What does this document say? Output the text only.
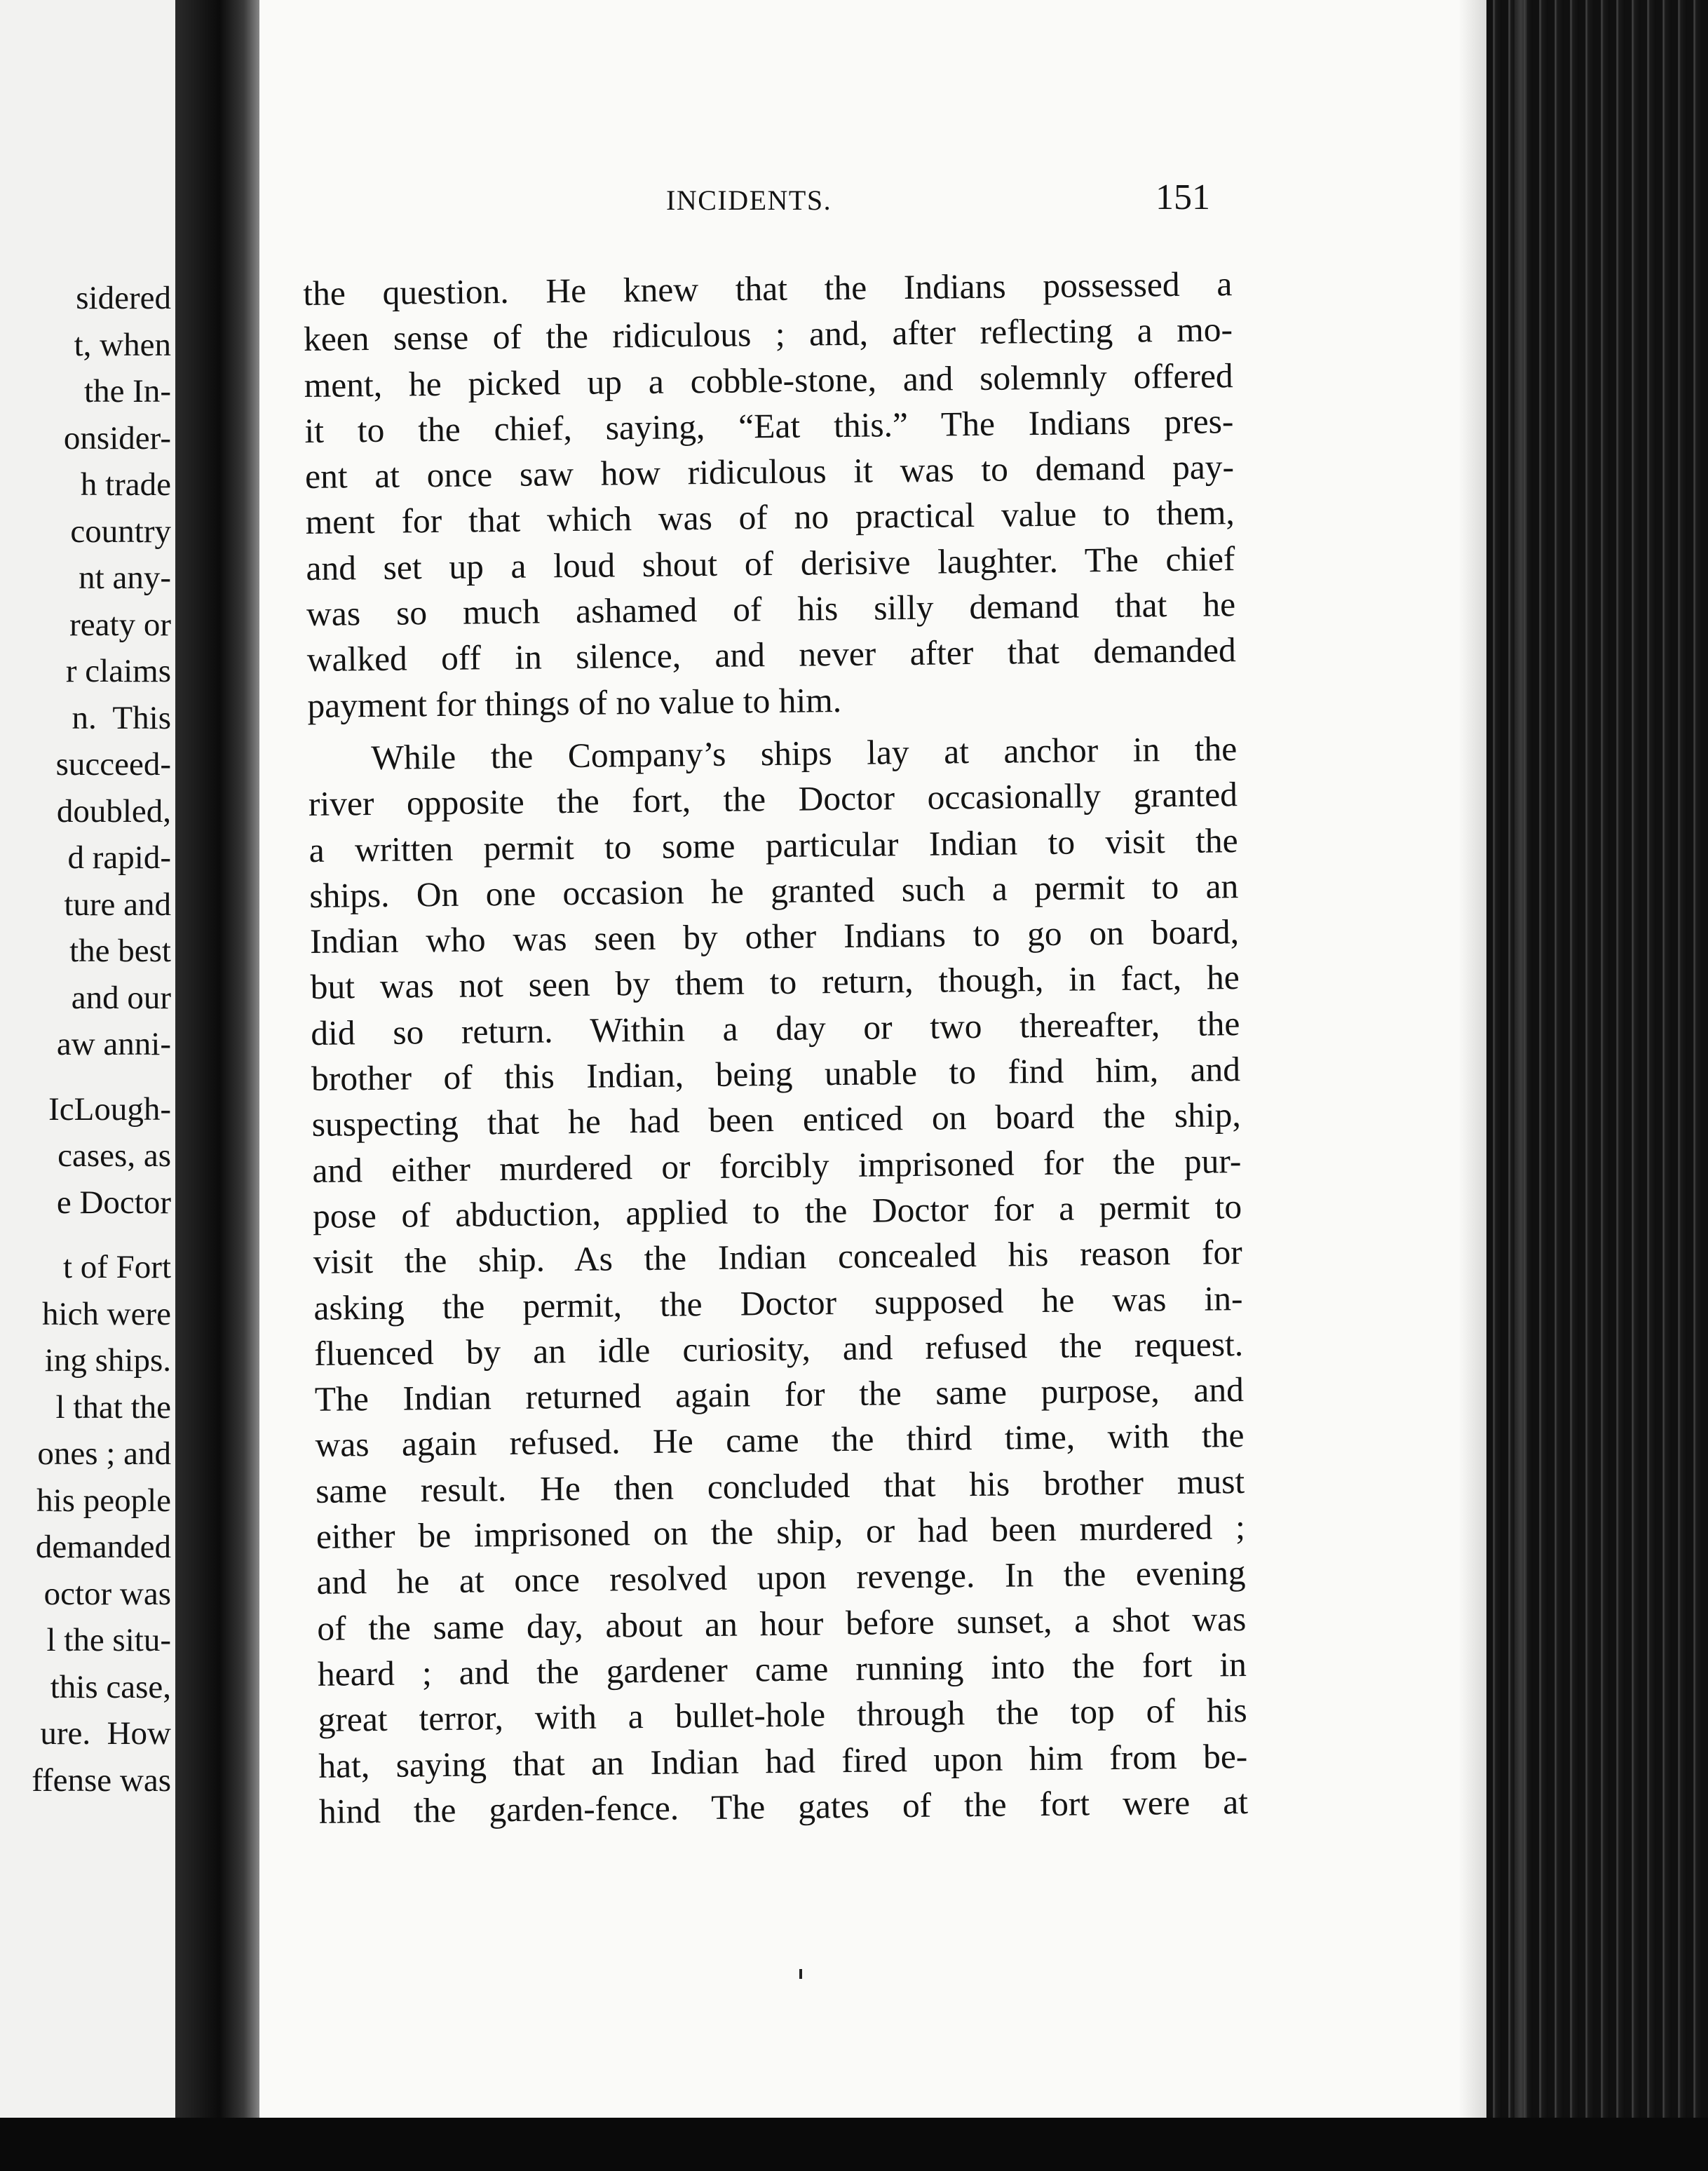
sidered
t, when
the In-
onsider-
h trade
country
nt any-
reaty or
r claims
n.  This
succeed-
doubled,
d rapid-
ture and
the best
and our
aw anni-
IcLough-
cases, as
e Doctor
t of Fort
hich were
ing ships.
l that the
ones ; and
his people
demanded
octor was
l the situ-
this case,
ure.  How
ffense was
INCIDENTS.	151
the question. He knew that the Indians possessed a
keen sense of the ridiculous ; and, after reflecting a mo-
ment, he picked up a cobble-stone, and solemnly offered
it to the chief, saying, “Eat this.” The Indians pres-
ent at once saw how ridiculous it was to demand pay-
ment for that which was of no practical value to them,
and set up a loud shout of derisive laughter. The chief
was so much ashamed of his silly demand that he
walked off in silence, and never after that demanded
payment for things of no value to him.
While the Company’s ships lay at anchor in the
river opposite the fort, the Doctor occasionally granted
a written permit to some particular Indian to visit the
ships. On one occasion he granted such a permit to an
Indian who was seen by other Indians to go on board,
but was not seen by them to return, though, in fact, he
did so return. Within a day or two thereafter, the
brother of this Indian, being unable to find him, and
suspecting that he had been enticed on board the ship,
and either murdered or forcibly imprisoned for the pur-
pose of abduction, applied to the Doctor for a permit to
visit the ship. As the Indian concealed his reason for
asking the permit, the Doctor supposed he was in-
fluenced by an idle curiosity, and refused the request.
The Indian returned again for the same purpose, and
was again refused. He came the third time, with the
same result. He then concluded that his brother must
either be imprisoned on the ship, or had been murdered ;
and he at once resolved upon revenge. In the evening
of the same day, about an hour before sunset, a shot was
heard ; and the gardener came running into the fort in
great terror, with a bullet-hole through the top of his
hat, saying that an Indian had fired upon him from be-
hind the garden-fence. The gates of the fort were at
